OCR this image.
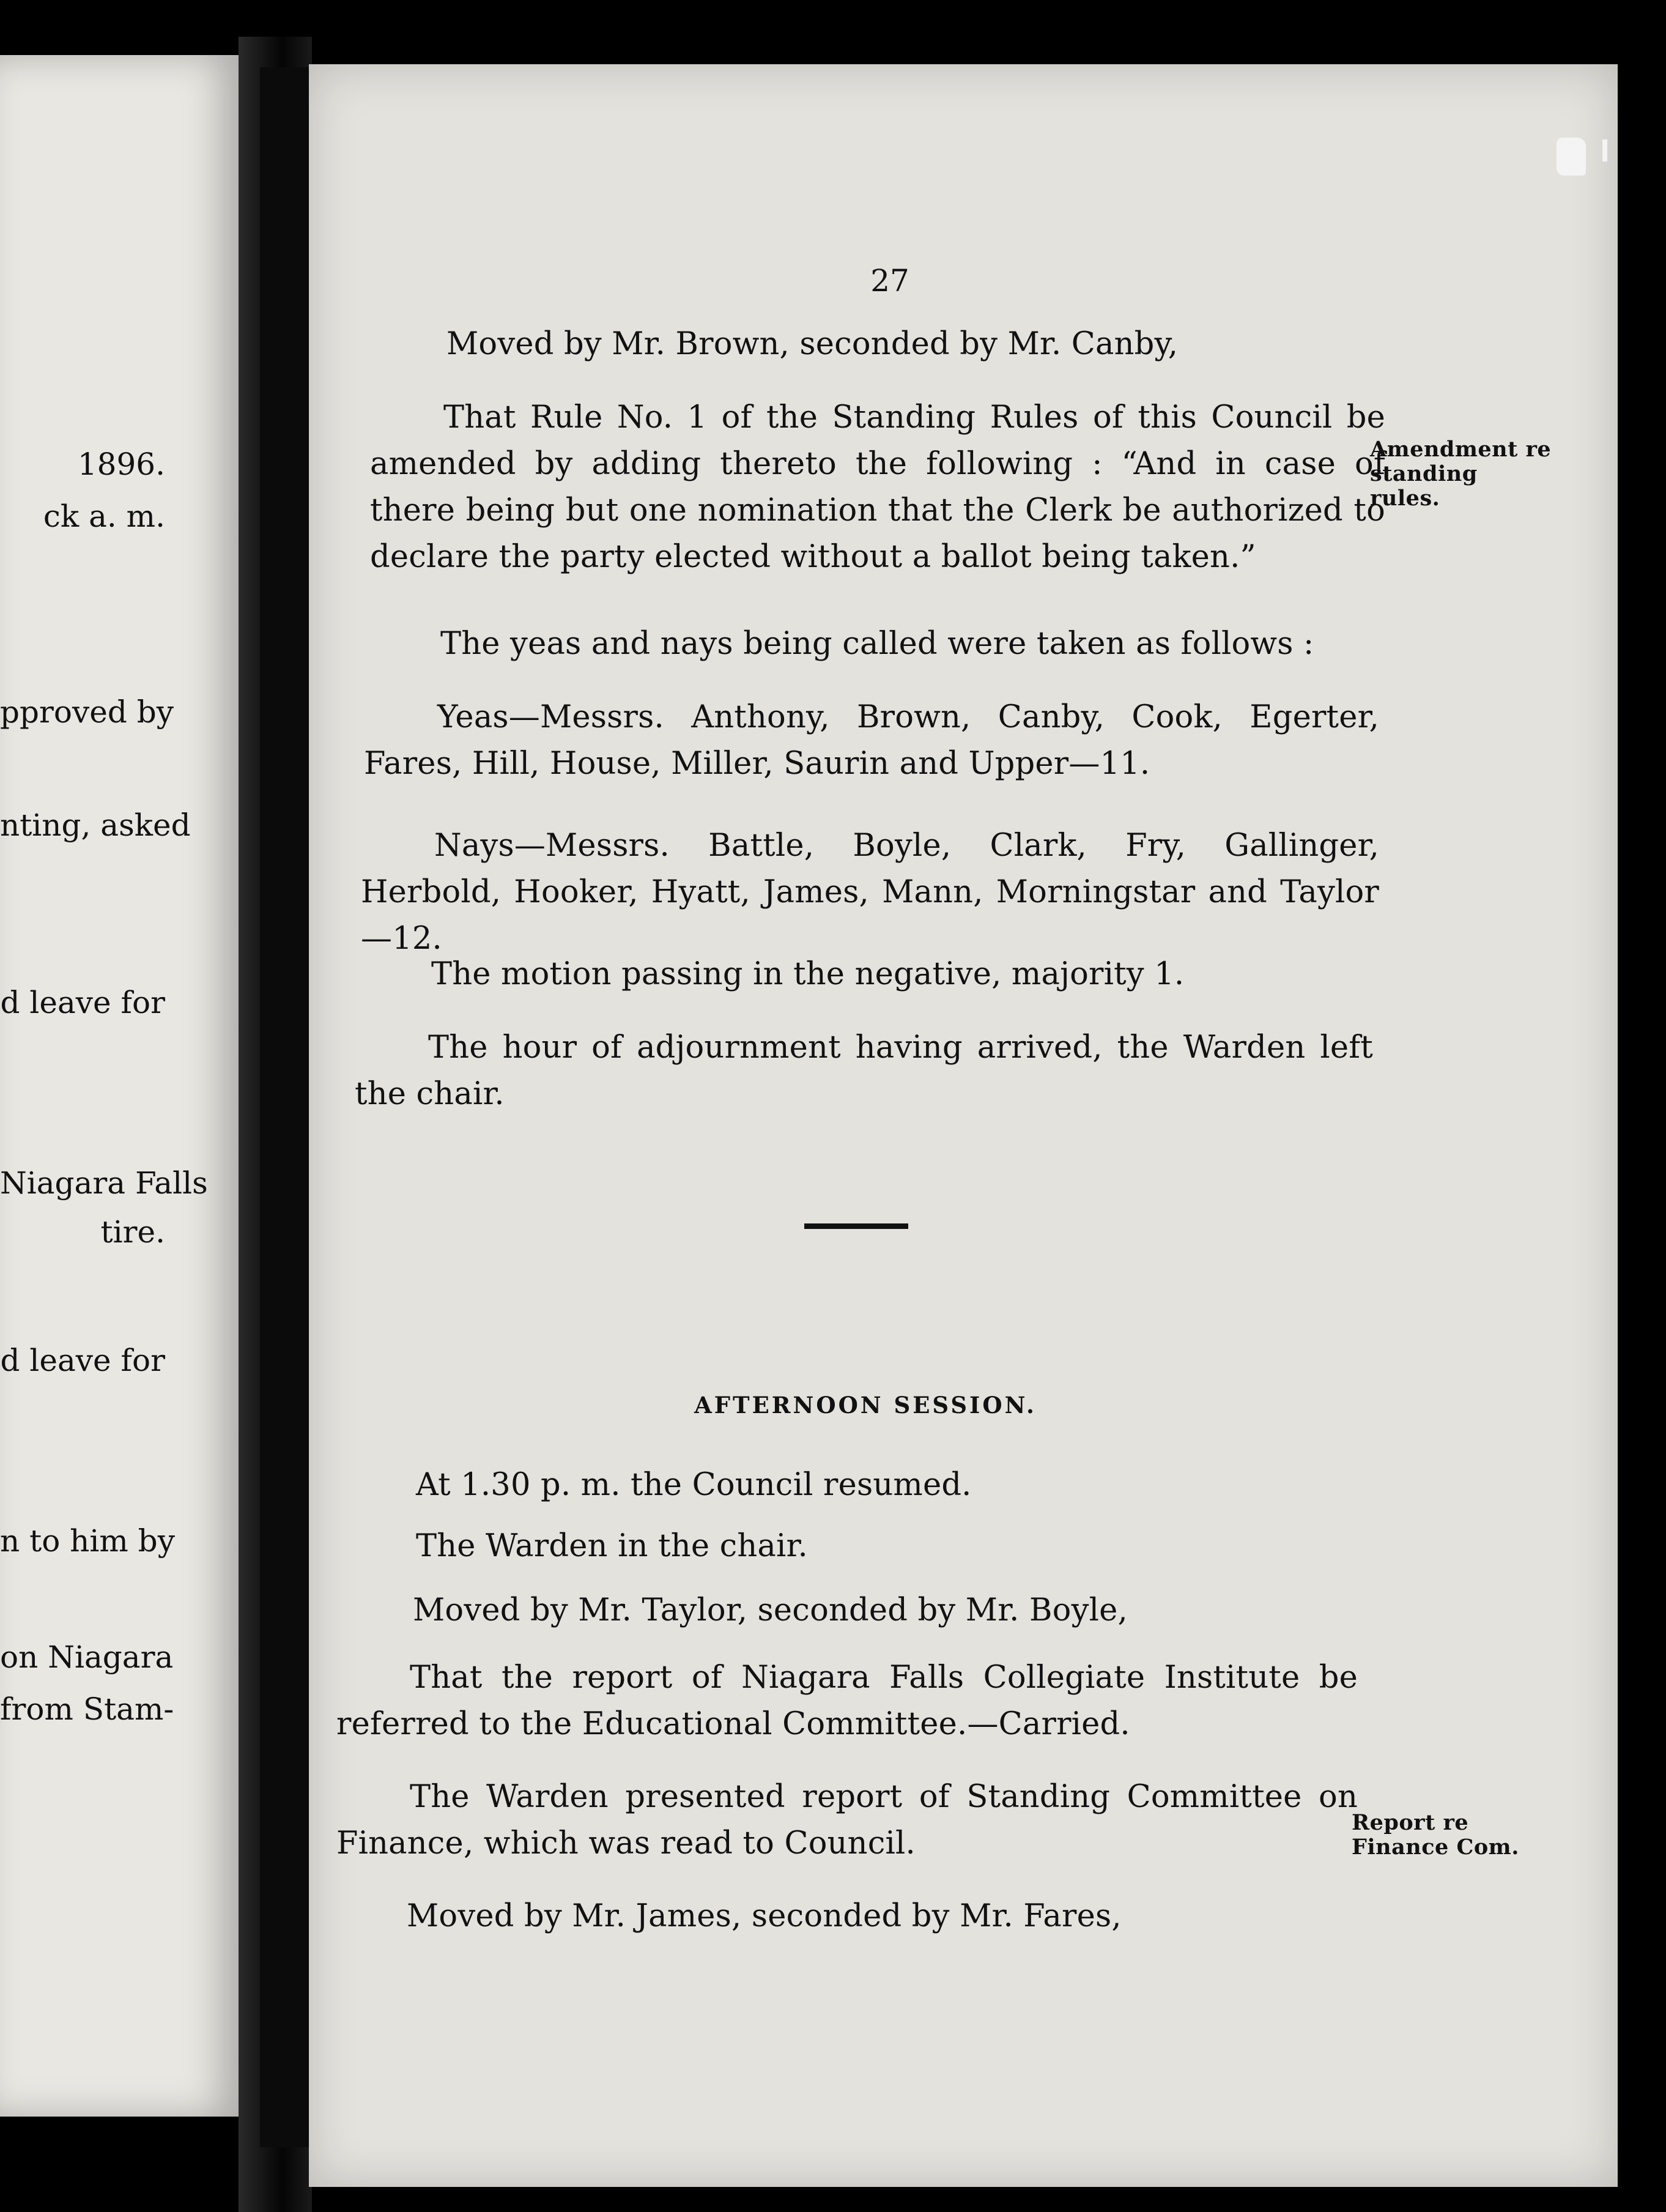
1896.
ck a. m.
pproved by
nting, asked
d leave for
Niagara Falls
tire.
d leave for
n to him by
on Niagara
from Stam-
27
Moved by Mr. Brown, seconded by Mr. Canby,
That Rule No. 1 of the Standing Rules of this Council be amended by adding thereto the following : “And in case of there being but one nomination that the Clerk be authorized to declare the party elected without a ballot being taken.”
The yeas and nays being called were taken as follows :
Yeas—Messrs. Anthony, Brown, Canby, Cook, Egerter, Fares, Hill, House, Miller, Saurin and Upper—11.
Nays—Messrs. Battle, Boyle, Clark, Fry, Gallinger, Herbold, Hooker, Hyatt, James, Mann, Morningstar and Taylor—12.
The motion passing in the negative, majority 1.
The hour of adjournment having arrived, the Warden left the chair.
AFTERNOON SESSION.
At 1.30 p. m. the Council resumed.
The Warden in the chair.
Moved by Mr. Taylor, seconded by Mr. Boyle,
That the report of Niagara Falls Collegiate Institute be referred to the Educational Committee.—Carried.
The Warden presented report of Standing Committee on Finance, which was read to Council.
Moved by Mr. James, seconded by Mr. Fares,
Amendment re standing rules.
Report re Finance Com.
